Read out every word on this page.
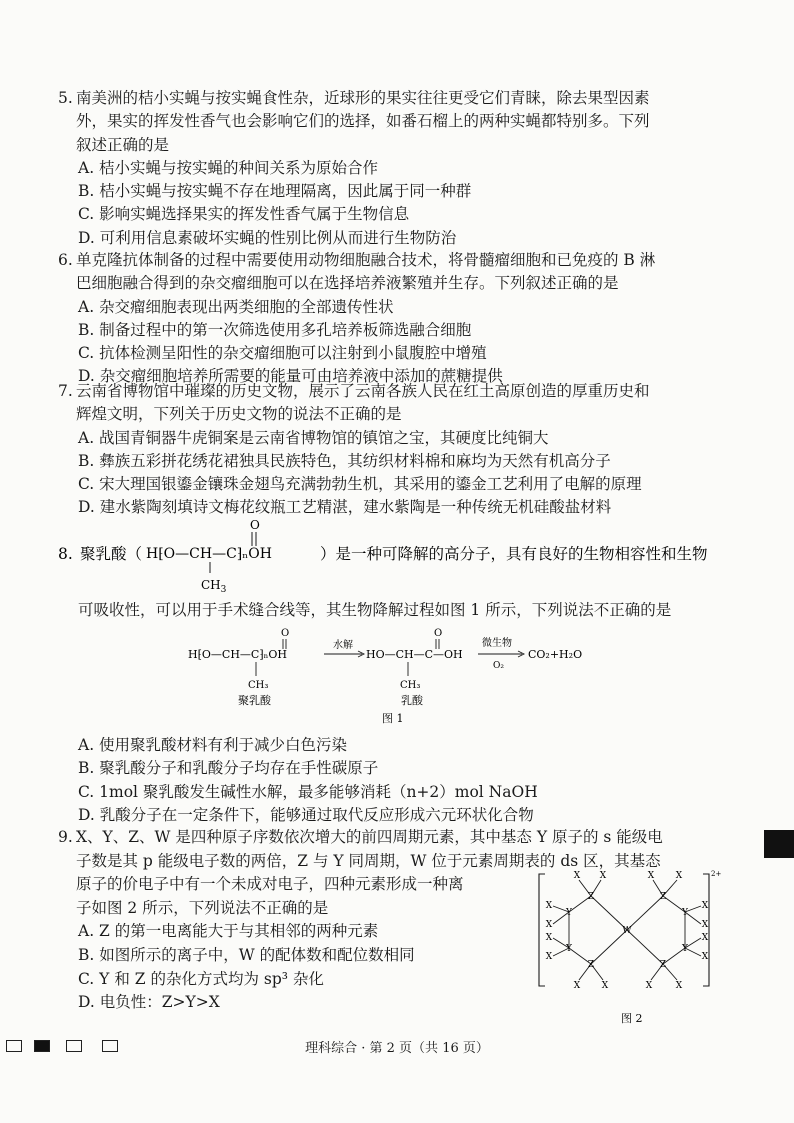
5. 南美洲的桔小实蝇与按实蝇食性杂，近球形的果实往往更受它们青睐，除去果型因素
外，果实的挥发性香气也会影响它们的选择，如番石榴上的两种实蝇都特别多。下列
叙述正确的是
A. 桔小实蝇与按实蝇的种间关系为原始合作
B. 桔小实蝇与按实蝇不存在地理隔离，因此属于同一种群
C. 影响实蝇选择果实的挥发性香气属于生物信息
D. 可利用信息素破坏实蝇的性别比例从而进行生物防治
6. 单克隆抗体制备的过程中需要使用动物细胞融合技术，将骨髓瘤细胞和已免疫的 B 淋
巴细胞融合得到的杂交瘤细胞可以在选择培养液繁殖并生存。下列叙述正确的是
A. 杂交瘤细胞表现出两类细胞的全部遗传性状
B. 制备过程中的第一次筛选使用多孔培养板筛选融合细胞
C. 抗体检测呈阳性的杂交瘤细胞可以注射到小鼠腹腔中增殖
D. 杂交瘤细胞培养所需要的能量可由培养液中添加的蔗糖提供
7. 云南省博物馆中璀璨的历史文物，展示了云南各族人民在红土高原创造的厚重历史和
辉煌文明，下列关于历史文物的说法不正确的是
A. 战国青铜器牛虎铜案是云南省博物馆的镇馆之宝，其硬度比纯铜大
B. 彝族五彩拼花绣花裙独具民族特色，其纺织材料棉和麻均为天然有机高分子
C. 宋大理国银鎏金镶珠金翅鸟充满勃勃生机，其采用的鎏金工艺利用了电解的原理
D. 建水紫陶刻填诗文梅花纹瓶工艺精湛，建水紫陶是一种传统无机硅酸盐材料
8. 聚乳酸（ H⁅O—CH—C⁆ₙOH
O
$CH_3$
）是一种可降解的高分子，具有良好的生物相容性和生物
可吸收性，可以用于手术缝合线等，其生物降解过程如图 1 所示，下列说法不正确的是
H⁅O—CH—C⁆ₙOH
O
CH₃
聚乳酸
水解
HO—CH—C—OH
O
CH₃
乳酸
微生物
O₂
CO₂+H₂O
图 1
A. 使用聚乳酸材料有利于减少白色污染
B. 聚乳酸分子和乳酸分子均存在手性碳原子
C. 1mol 聚乳酸发生碱性水解，最多能够消耗（n+2）mol NaOH
D. 乳酸分子在一定条件下，能够通过取代反应形成六元环状化合物
9. X、Y、Z、W 是四种原子序数依次增大的前四周期元素，其中基态 Y 原子的 s 能级电
子数是其 p 能级电子数的两倍，Z 与 Y 同周期，W 位于元素周期表的 ds 区，其基态
原子的价电子中有一个未成对电子，四种元素形成一种离
子如图 2 所示，下列说法不正确的是
A. Z 的第一电离能大于与其相邻的两种元素
B. 如图所示的离子中，W 的配体数和配位数相同
C. Y 和 Z 的杂化方式均为 sp³ 杂化
D. 电负性：Z>Y>X
2+
Z	Z
Z	Z
Y
Y
Y
Y
W
X X	X X
X X	X	X
X
X
X
X
X
X
X
X
图 2
理科综合 · 第 2 页（共 16 页）
